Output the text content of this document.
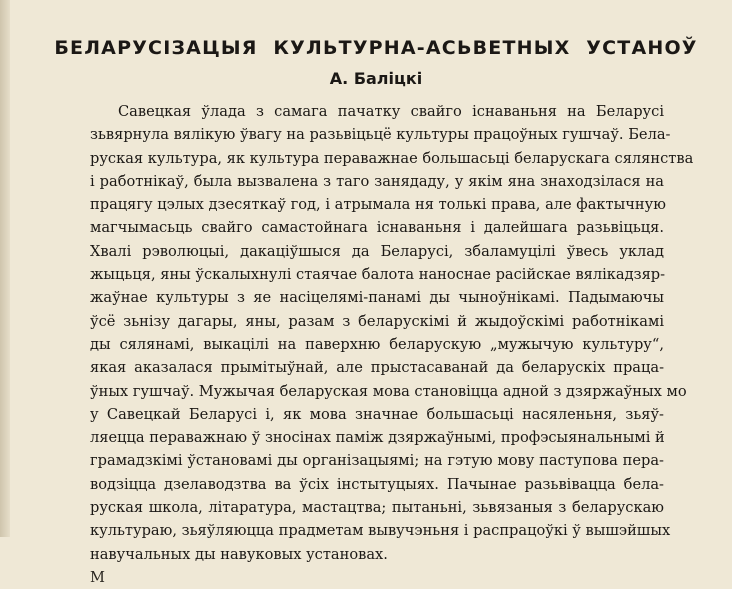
БЕЛАРУСІЗАЦЫЯ КУЛЬТУРНА-АСЬВЕТНЫХ УСТАНОЎ
А. Баліцкі
Савецкая ўлада з самага пачатку свайго існаваньня на Беларусі
зьвярнула вялікую ўвагу на разьвіцьцё культуры працоўных гушчаў. Бела-
руская культура, як культура пераважнае большасьці беларускага сялянства
і работнікаў, была вызвалена з таго занядаду, у якім яна знаходзілася на
працягу цэлых дзесяткаў год, і атрымала ня толькі права, але фактычную
магчымасьць свайго самастойнага існаваньня і далейшага разьвіцьця.
Хвалі рэволюцыі, дакаціўшыся да Беларусі, збаламуцілі ўвесь уклад
жыцьця, яны ўскалыхнулі стаячае балота наноснае расійскае вялікадзяр-
жаўнае культуры з яе насіцелямі-панамі ды чыноўнікамі. Падымаючы
ўсё зьнізу дагары, яны, разам з беларускімі й жыдоўскімі работнікамі
ды сялянамі, выкацілі на паверхню беларускую „мужычую культуру“,
якая аказалася прымітыўнай, але прыстасаванай да беларускіх праца-
ўных гушчаў. Мужычая беларуская мова становіцца адной з дзяржаўных мо
у Савецкай Беларусі і, як мова значнае большасьці насяленьня, зьяў-
ляецца пераважнаю ў зносінах паміж дзяржаўнымі, профэсыянальнымі й
грамадзкімі ўстановамі ды організацыямі; на гэтую мову паступова пера-
водзіцца дзелаводзтва ва ўсіх інстытуцыях. Пачынае разьвівацца бела-
руская школа, літаратура, мастацтва; пытаньні, зьвязаныя з беларускаю
культураю, зьяўляюцца прадметам вывучэньня і распрацоўкі ў вышэйшых
навучальных ды навуковых установах.
М
